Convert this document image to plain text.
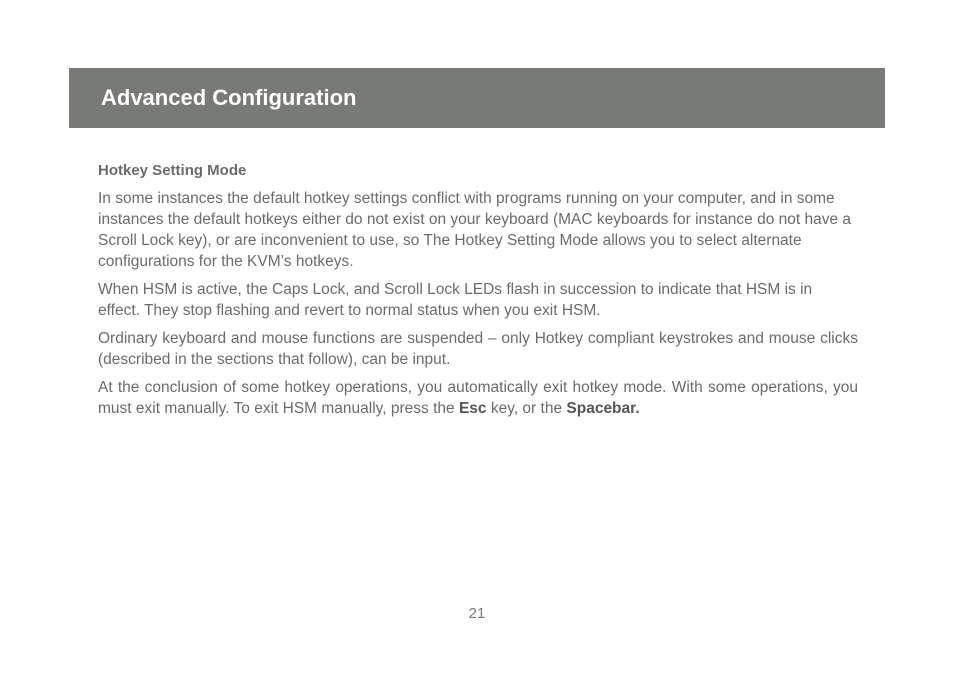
Advanced Configuration
Hotkey Setting Mode

In some instances the default hotkey settings conflict with programs running on your computer, and in some instances the default hotkeys either do not exist on your keyboard (MAC keyboards for instance do not have a Scroll Lock key), or are inconvenient to use, so The Hotkey Setting Mode allows you to select alternate configurations for the KVM’s hotkeys.

When HSM is active, the Caps Lock, and Scroll Lock LEDs flash in succession to indicate that HSM is in effect. They stop flashing and revert to normal status when you exit HSM.

Ordinary keyboard and mouse functions are suspended – only Hotkey compliant keystrokes and mouse clicks (described in the sections that follow), can be input.

At the conclusion of some hotkey operations, you automatically exit hotkey mode. With some operations, you must exit manually. To exit HSM manually, press the Esc key, or the Spacebar.

21
